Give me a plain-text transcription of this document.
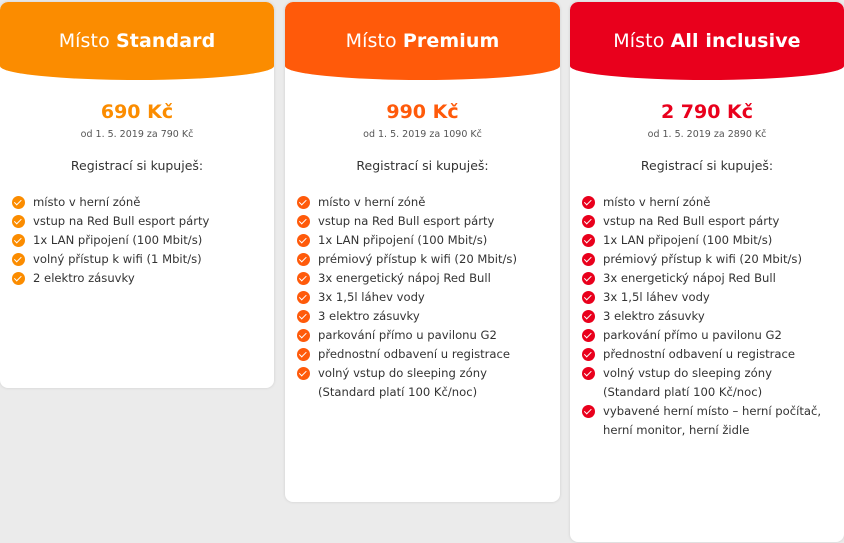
Místo Standard
690 Kč
od 1. 5. 2019 za 790 Kč
Registrací si kupuješ:
místo v herní zóně
vstup na Red Bull esport párty
1x LAN připojení (100 Mbit/s)
volný přístup k wifi (1 Mbit/s)
2 elektro zásuvky
Místo Premium
990 Kč
od 1. 5. 2019 za 1090 Kč
Registrací si kupuješ:
místo v herní zóně
vstup na Red Bull esport párty
1x LAN připojení (100 Mbit/s)
prémiový přístup k wifi (20 Mbit/s)
3x energetický nápoj Red Bull
3x 1,5l láhev vody
3 elektro zásuvky
parkování přímo u pavilonu G2
přednostní odbavení u registrace
volný vstup do sleeping zóny
(Standard platí 100 Kč/noc)
Místo All inclusive
2 790 Kč
od 1. 5. 2019 za 2890 Kč
Registrací si kupuješ:
místo v herní zóně
vstup na Red Bull esport párty
1x LAN připojení (100 Mbit/s)
prémiový přístup k wifi (20 Mbit/s)
3x energetický nápoj Red Bull
3x 1,5l láhev vody
3 elektro zásuvky
parkování přímo u pavilonu G2
přednostní odbavení u registrace
volný vstup do sleeping zóny
(Standard platí 100 Kč/noc)
vybavené herní místo – herní počítač,
herní monitor, herní židle
